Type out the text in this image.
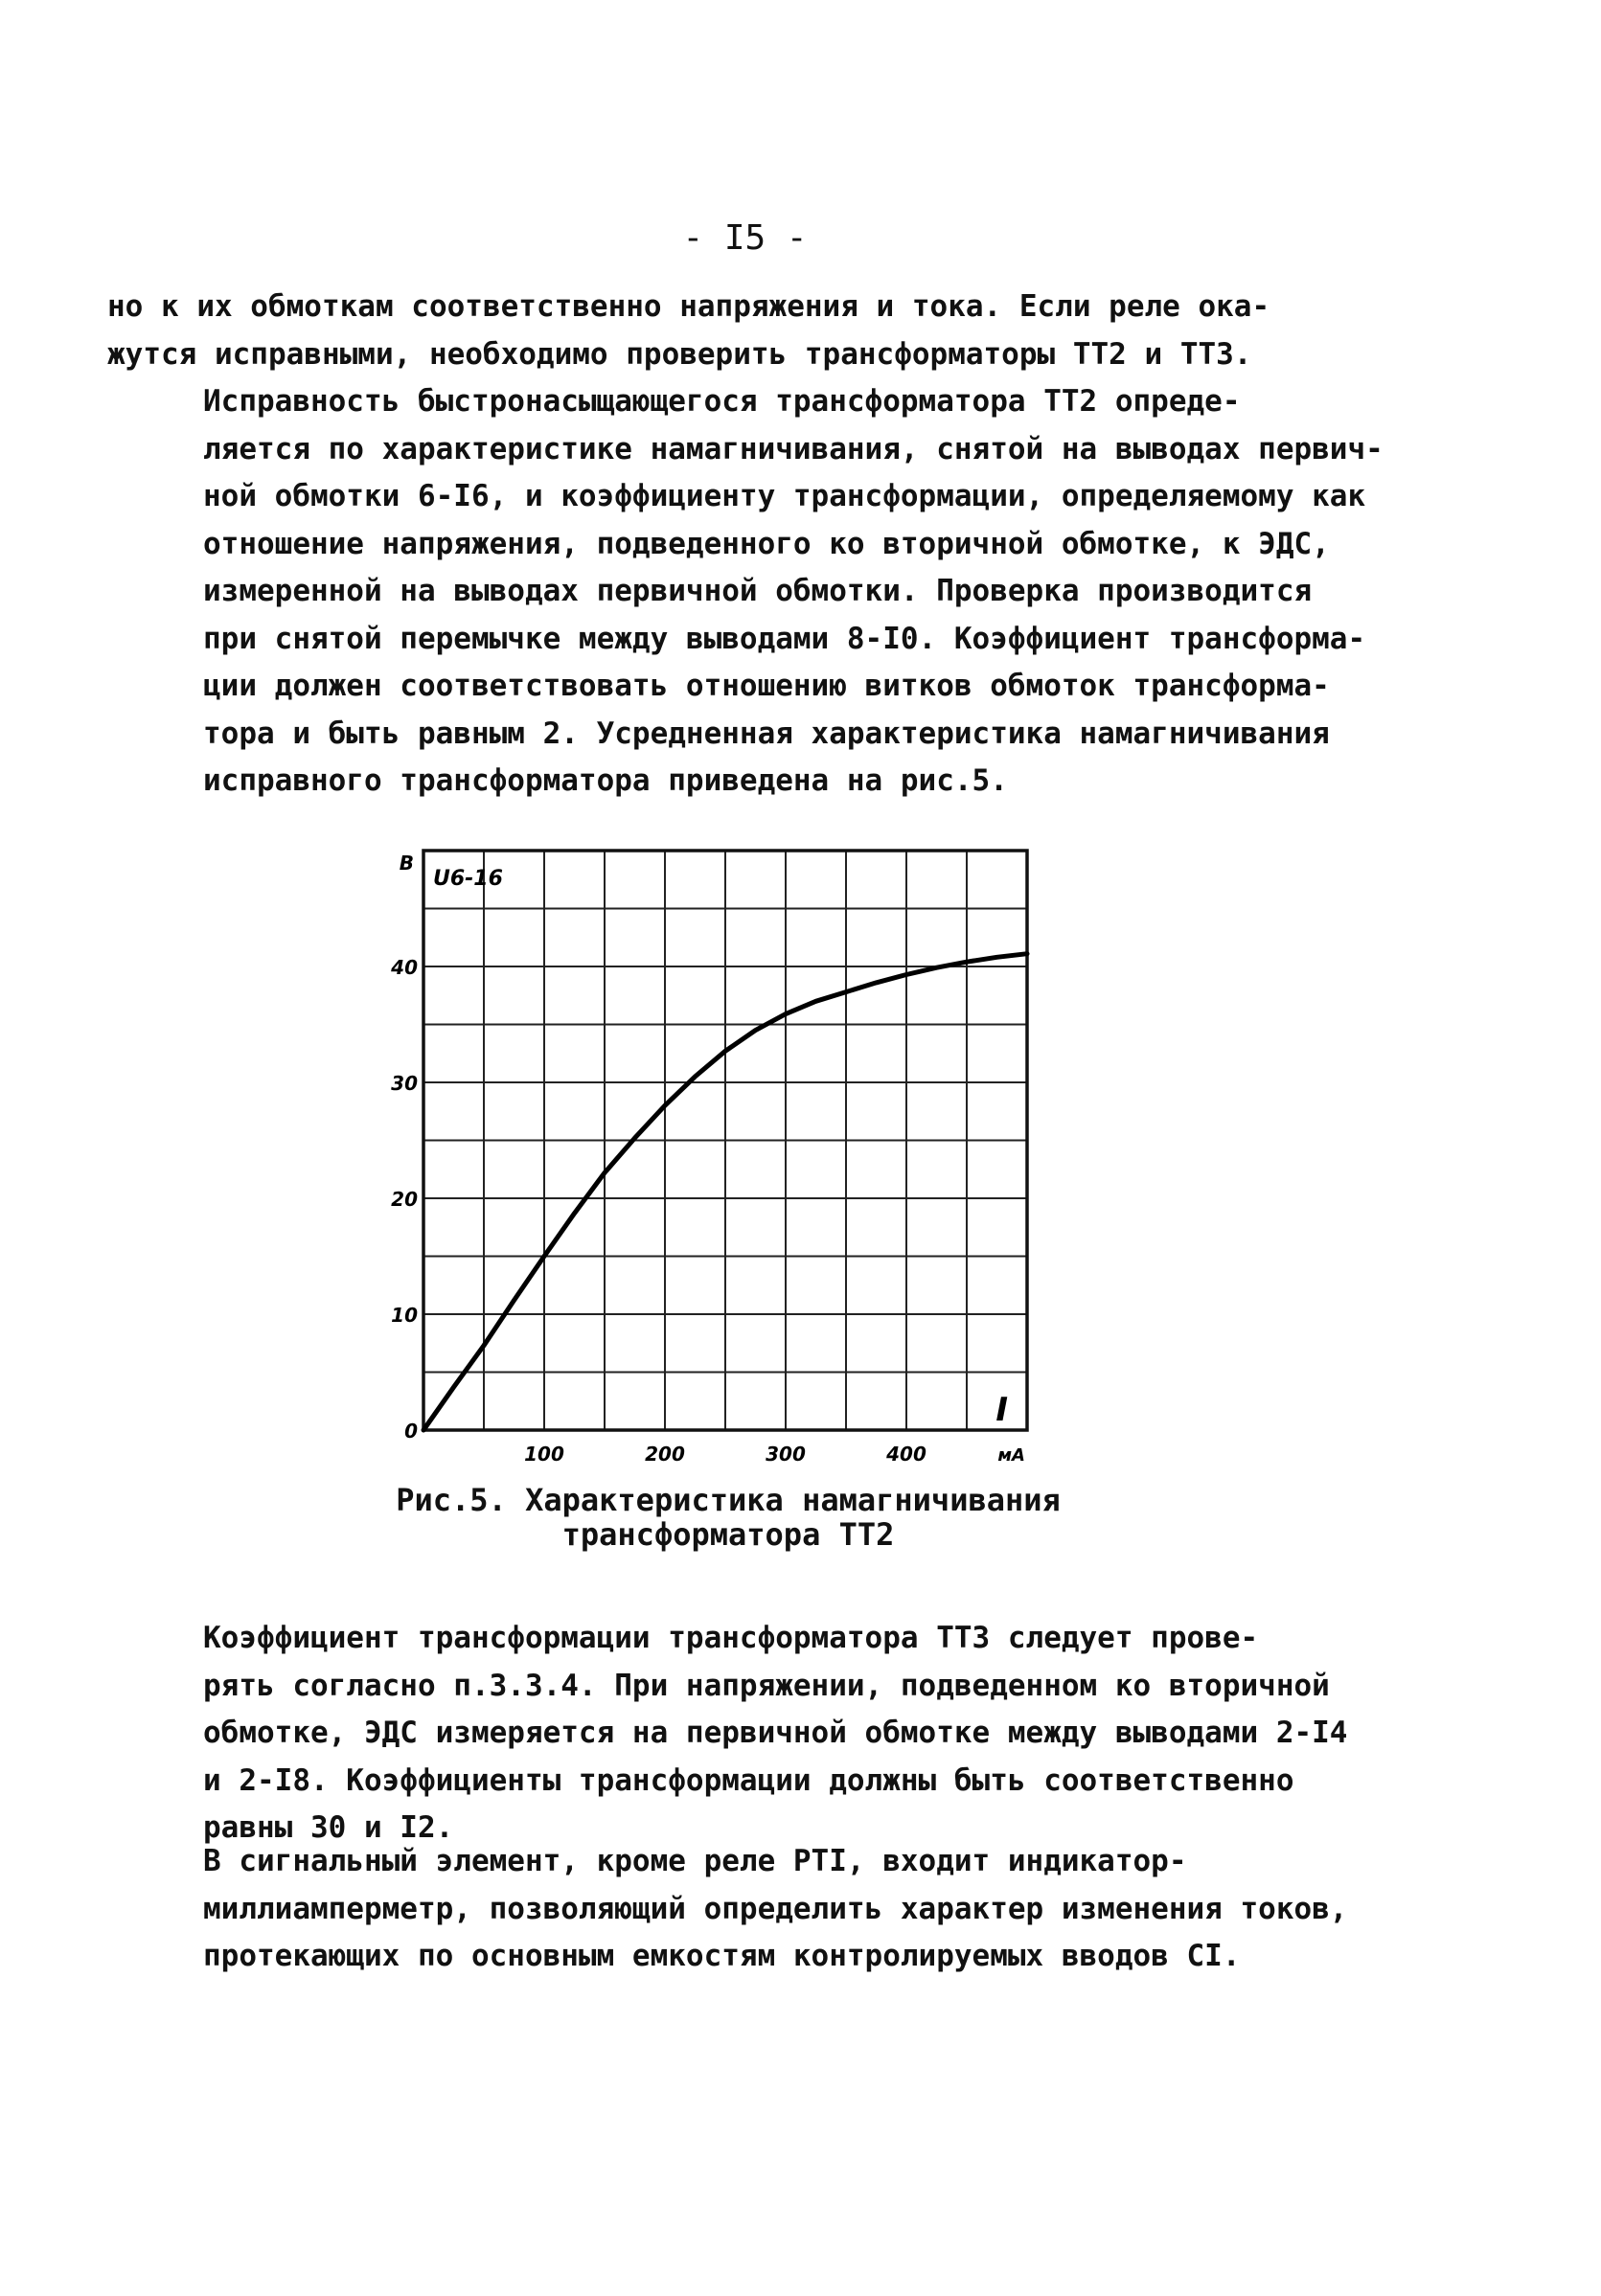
- I5 -
но к их обмоткам соответственно напряжения и тока. Если реле ока-
жутся исправными, необходимо проверить трансформаторы ТТ2 и ТТЗ.
Исправность быстронасыщающегося трансформатора ТТ2 опреде-
ляется по характеристике намагничивания, снятой на выводах первич-
ной обмотки 6-I6, и коэффициенту трансформации, определяемому как
отношение напряжения, подведенного ко вторичной обмотке, к ЭДС,
измеренной на выводах первичной обмотки. Проверка производится
при снятой перемычке между выводами 8-I0. Коэффициент трансформа-
ции должен соответствовать отношению витков обмоток трансформа-
тора и быть равным 2. Усредненная характеристика намагничивания
исправного трансформатора приведена на рис.5.
0
10
20
30
40
100	200	300	400
В
мА
U6-16
I
Рис.5. Характеристика намагничивания
трансформатора ТТ2
Коэффициент трансформации трансформатора ТТЗ следует прове-
рять согласно п.3.3.4. При напряжении, подведенном ко вторичной
обмотке, ЭДС измеряется на первичной обмотке между выводами 2-I4
и 2-I8. Коэффициенты трансформации должны быть соответственно
равны 30 и I2.
В сигнальный элемент, кроме реле РТI, входит индикатор-
миллиамперметр, позволяющий определить характер изменения токов,
протекающих по основным емкостям контролируемых вводов CI.
